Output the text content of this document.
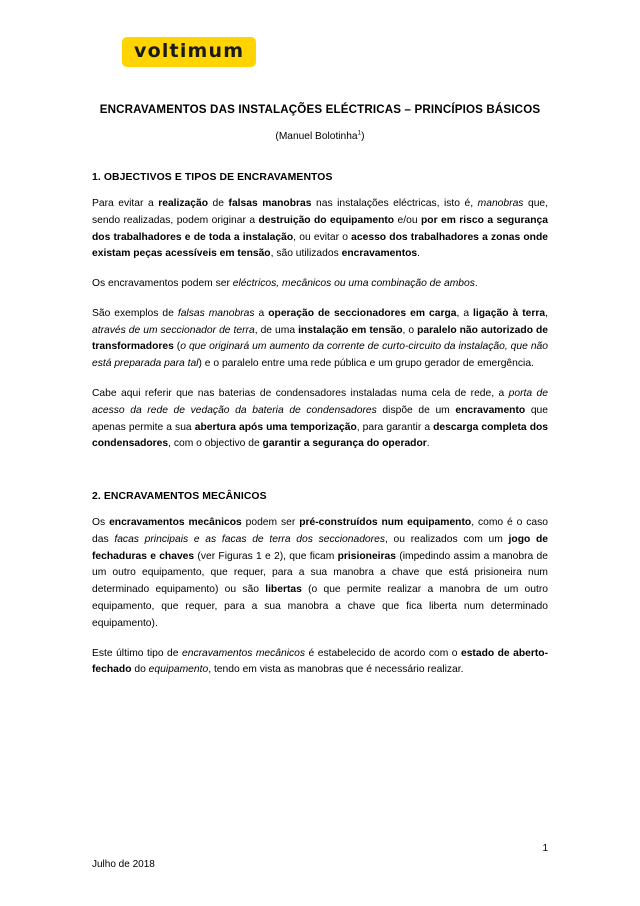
voltimum
ENCRAVAMENTOS DAS INSTALAÇÕES ELÉCTRICAS – PRINCÍPIOS BÁSICOS

(Manuel Bolotinha$^1$)

1. OBJECTIVOS E TIPOS DE ENCRAVAMENTOS

Para evitar a realização de falsas manobras nas instalações eléctricas, isto é, manobras que, sendo realizadas, podem originar a destruição do equipamento e/ou por em risco a segurança dos trabalhadores e de toda a instalação, ou evitar o acesso dos trabalhadores a zonas onde existam peças acessíveis em tensão, são utilizados encravamentos.

Os encravamentos podem ser eléctricos, mecânicos ou uma combinação de ambos.

São exemplos de falsas manobras a operação de seccionadores em carga, a ligação à terra, através de um seccionador de terra, de uma instalação em tensão, o paralelo não autorizado de transformadores (o que originará um aumento da corrente de curto-circuito da instalação, que não está preparada para tal) e o paralelo entre uma rede pública e um grupo gerador de emergência.

Cabe aqui referir que nas baterias de condensadores instaladas numa cela de rede, a porta de acesso da rede de vedação da bateria de condensadores dispõe de um encravamento que apenas permite a sua abertura após uma temporização, para garantir a descarga completa dos condensadores, com o objectivo de garantir a segurança do operador.

2. ENCRAVAMENTOS MECÂNICOS

Os encravamentos mecânicos podem ser pré-construídos num equipamento, como é o caso das facas principais e as facas de terra dos seccionadores, ou realizados com um jogo de fechaduras e chaves (ver Figuras 1 e 2), que ficam prisioneiras (impedindo assim a manobra de um outro equipamento, que requer, para a sua manobra a chave que está prisioneira num determinado equipamento) ou são libertas (o que permite realizar a manobra de um outro equipamento, que requer, para a sua manobra a chave que fica liberta num determinado equipamento).

Este último tipo de encravamentos mecânicos é estabelecido de acordo com o estado de aberto-fechado do equipamento, tendo em vista as manobras que é necessário realizar.

1
Julho de 2018
